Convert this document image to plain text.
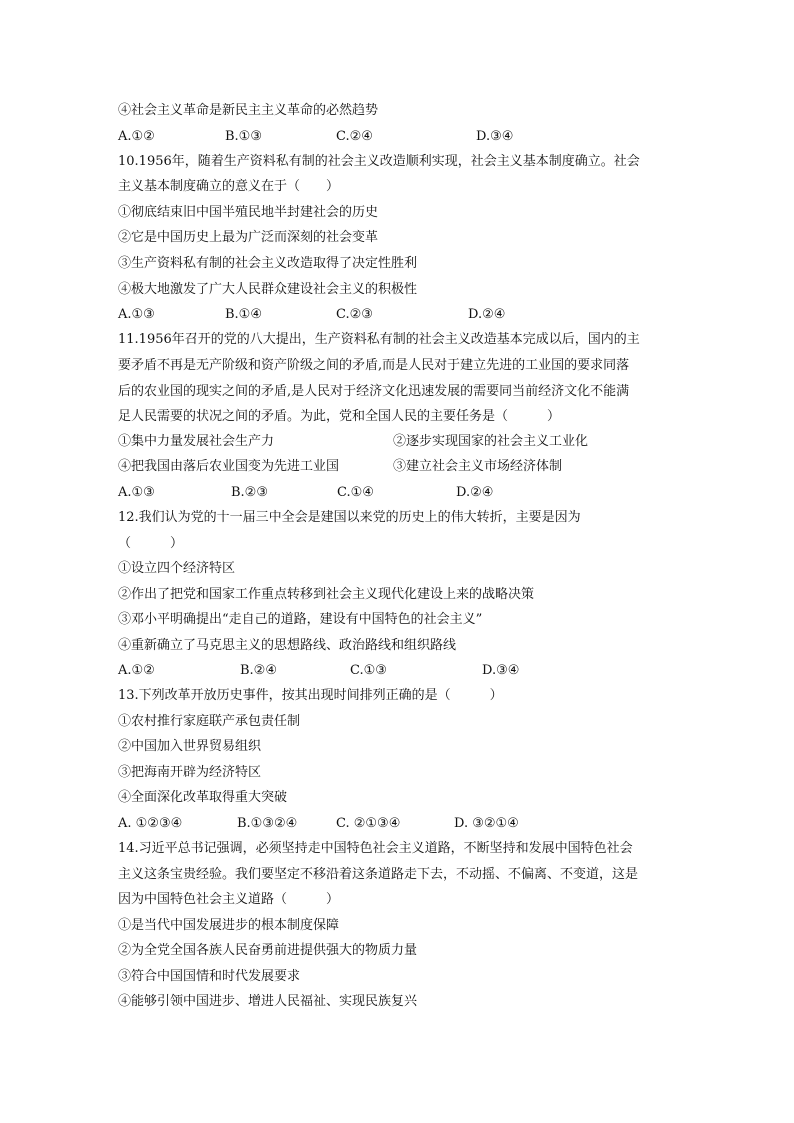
④社会主义革命是新民主主义革命的必然趋势
A.①②	B.①③	C.②④	D.③④
10.1956年，随着生产资料私有制的社会主义改造顺利实现，社会主义基本制度确立。社会
主义基本制度确立的意义在于（　　）
①彻底结束旧中国半殖民地半封建社会的历史
②它是中国历史上最为广泛而深刻的社会变革
③生产资料私有制的社会主义改造取得了决定性胜利
④极大地激发了广大人民群众建设社会主义的积极性
A.①③	B.①④	C.②③	D.②④
11.1956年召开的党的八大提出，生产资料私有制的社会主义改造基本完成以后，国内的主
要矛盾不再是无产阶级和资产阶级之间的矛盾,而是人民对于建立先进的工业国的要求同落
后的农业国的现实之间的矛盾,是人民对于经济文化迅速发展的需要同当前经济文化不能满
足人民需要的状况之间的矛盾。为此，党和全国人民的主要任务是（　　　）
①集中力量发展社会生产力	②逐步实现国家的社会主义工业化
④把我国由落后农业国变为先进工业国	③建立社会主义市场经济体制
A.①③	B.②③	C.①④	D.②④
12.我们认为党的十一届三中全会是建国以来党的历史上的伟大转折，主要是因为
（　　　）
①设立四个经济特区
②作出了把党和国家工作重点转移到社会主义现代化建设上来的战略决策
③邓小平明确提出“走自己的道路，建设有中国特色的社会主义”
④重新确立了马克思主义的思想路线、政治路线和组织路线
A.①②	B.②④	C.①③	D.③④
13.下列改革开放历史事件，按其出现时间排列正确的是（　　　）
①农村推行家庭联产承包责任制
②中国加入世界贸易组织
③把海南开辟为经济特区
④全面深化改革取得重大突破
A. ①②③④	B.①③②④	C. ②①③④	D. ③②①④
14.习近平总书记强调，必须坚持走中国特色社会主义道路，不断坚持和发展中国特色社会
主义这条宝贵经验。我们要坚定不移沿着这条道路走下去，不动摇、不偏离、不变道，这是
因为中国特色社会主义道路（　　　）
①是当代中国发展进步的根本制度保障
②为全党全国各族人民奋勇前进提供强大的物质力量
③符合中国国情和时代发展要求
④能够引领中国进步、增进人民福祉、实现民族复兴
